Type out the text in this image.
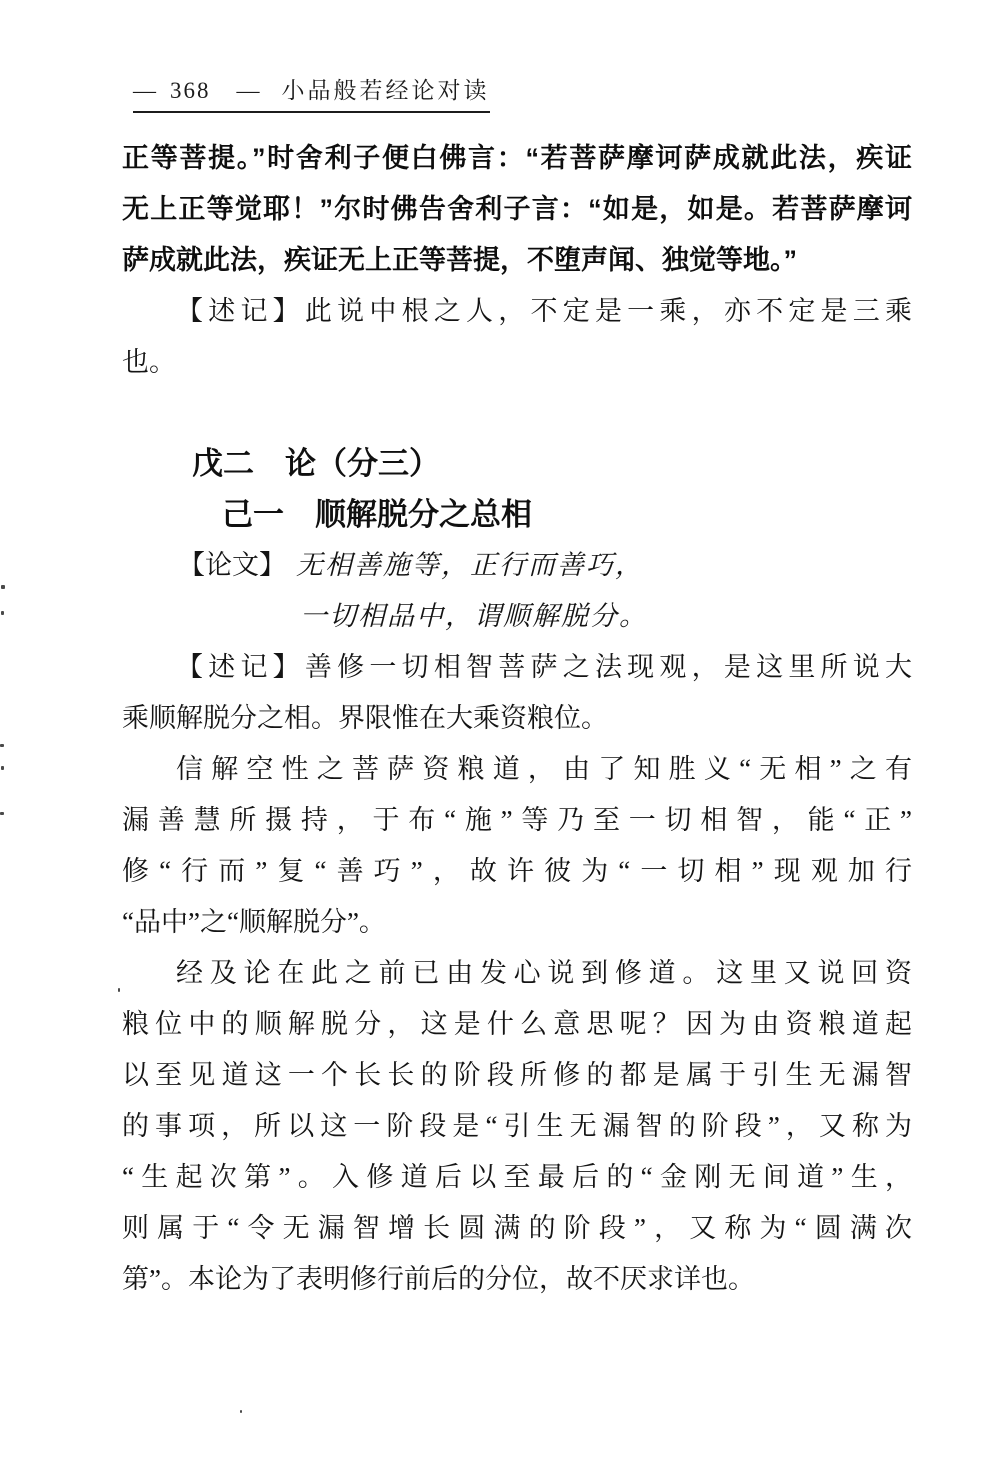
— 368 — 小品般若经论对读
正等菩提。”时舍利子便白佛言：“若菩萨摩诃萨成就此法，疾证
无上正等觉耶！”尔时佛告舍利子言：“如是，如是。若菩萨摩诃
萨成就此法，疾证无上正等菩提，不堕声闻、独觉等地。”
【述记】此说中根之人，不定是一乘，亦不定是三乘
也。
戊二　论（分三）
己一　顺解脱分之总相
【论文】 无相善施等，正行而善巧，
一切相品中，谓顺解脱分。
【述记】善修一切相智菩萨之法现观，是这里所说大
乘顺解脱分之相。界限惟在大乘资粮位。
信解空性之菩萨资粮道，由了知胜义“无相”之有
漏善慧所摄持，于布“施”等乃至一切相智，能“正”
修“行而”复“善巧”，故许彼为“一切相”现观加行
“品中”之“顺解脱分”。
经及论在此之前已由发心说到修道。这里又说回资
粮位中的顺解脱分，这是什么意思呢？因为由资粮道起
以至见道这一个长长的阶段所修的都是属于引生无漏智
的事项，所以这一阶段是“引生无漏智的阶段”，又称为
“生起次第”。入修道后以至最后的“金刚无间道”生，
则属于“令无漏智增长圆满的阶段”，又称为“圆满次
第”。本论为了表明修行前后的分位，故不厌求详也。
